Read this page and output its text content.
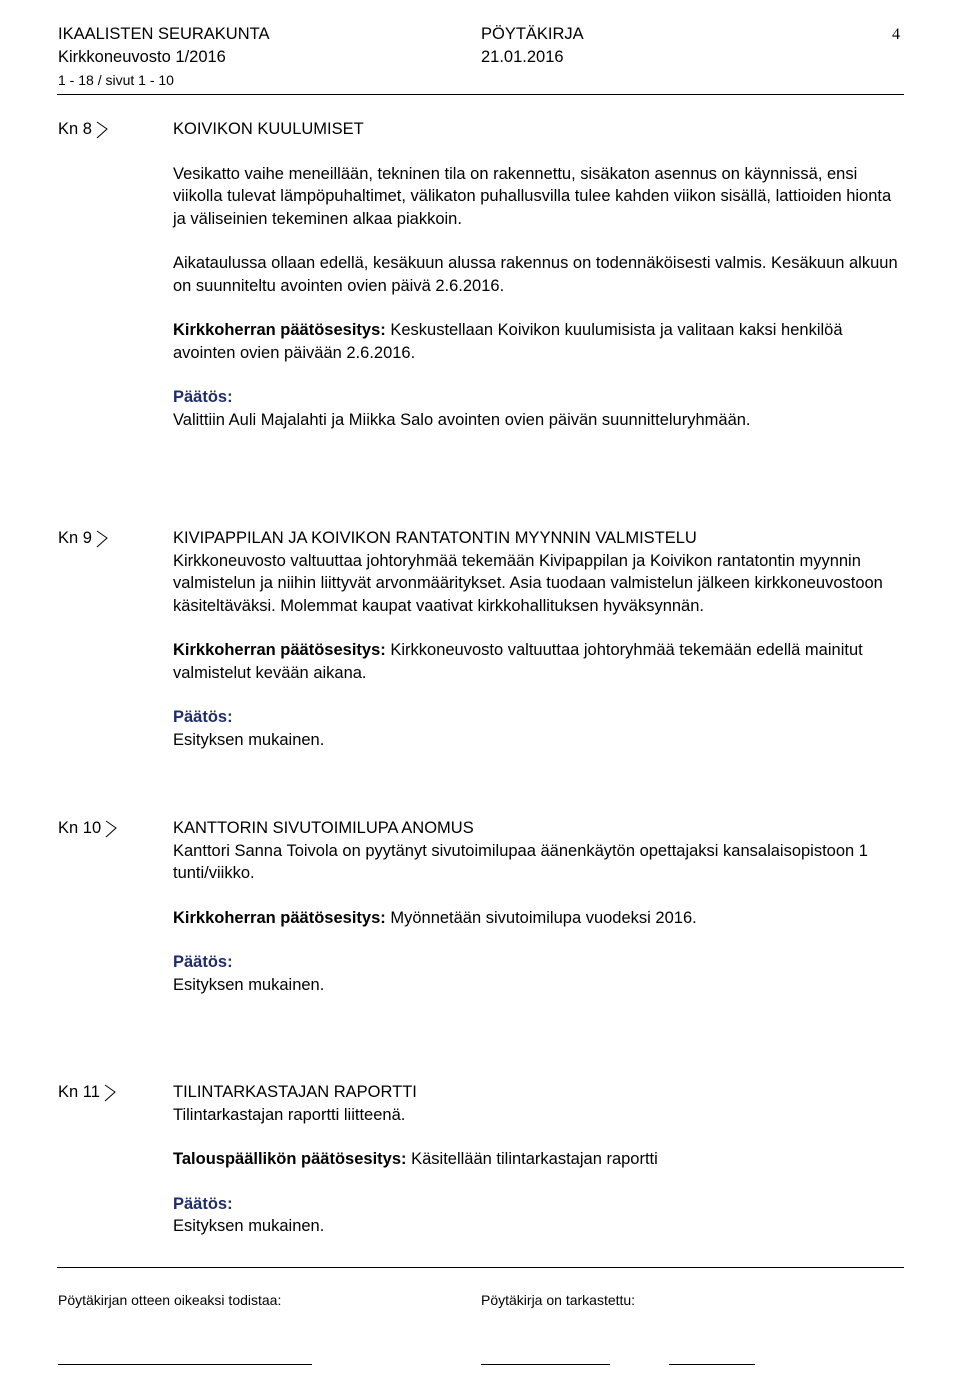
IKAALISTEN SEURAKUNTA	PÖYTÄKIRJA	4
Kirkkoneuvosto 1/2016	21.01.2016
1 - 18 / sivut 1 - 10
Kn 8	KOIVIKON KUULUMISET

Vesikatto vaihe meneillään, tekninen tila on rakennettu, sisäkaton asennus on käynnissä, ensi viikolla tulevat lämpöpuhaltimet, välikaton puhallusvilla tulee kahden viikon sisällä, lattioiden hionta ja väliseinien tekeminen alkaa piakkoin.

Aikataulussa ollaan edellä, kesäkuun alussa rakennus on todennäköisesti valmis. Kesäkuun alkuun on suunniteltu avointen ovien päivä 2.6.2016.

Kirkkoherran päätösesitys: Keskustellaan Koivikon kuulumisista ja valitaan kaksi henkilöä avointen ovien päivään 2.6.2016.

Päätös:

Valittiin Auli Majalahti ja Miikka Salo avointen ovien päivän suunnitteluryhmään.

Kn 9	KIVIPAPPILAN JA KOIVIKON RANTATONTIN MYYNNIN VALMISTELU

Kirkkoneuvosto valtuuttaa johtoryhmää tekemään Kivipappilan ja Koivikon rantatontin myynnin valmistelun ja niihin liittyvät arvonmääritykset. Asia tuodaan valmistelun jälkeen kirkkoneuvostoon käsiteltäväksi. Molemmat kaupat vaativat kirkkohallituksen hyväksynnän.

Kirkkoherran päätösesitys: Kirkkoneuvosto valtuuttaa johtoryhmää tekemään edellä mainitut valmistelut kevään aikana.

Päätös:

Esityksen mukainen.

Kn 10	KANTTORIN SIVUTOIMILUPA ANOMUS

Kanttori Sanna Toivola on pyytänyt sivutoimilupaa äänenkäytön opettajaksi kansalaisopistoon 1 tunti/viikko.

Kirkkoherran päätösesitys: Myönnetään sivutoimilupa vuodeksi 2016.

Päätös:

Esityksen mukainen.

Kn 11	TILINTARKASTAJAN RAPORTTI

Tilintarkastajan raportti liitteenä.

Talouspäällikön päätösesitys: Käsitellään tilintarkastajan raportti

Päätös:

Esityksen mukainen.

Pöytäkirjan otteen oikeaksi todistaa:	Pöytäkirja on tarkastettu:
